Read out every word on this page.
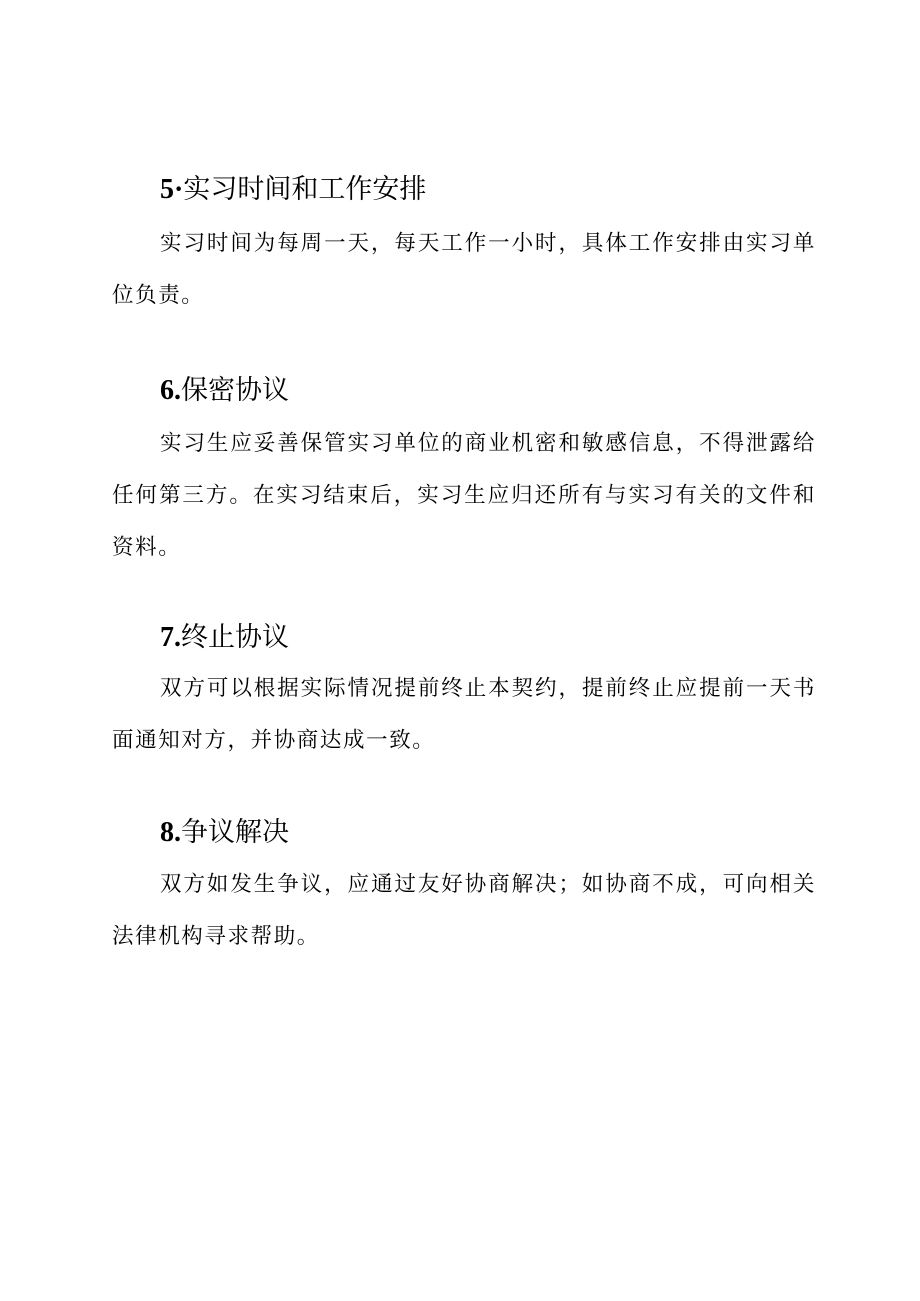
5·实习时间和工作安排

实习时间为每周一天，每天工作一小时，具体工作安排由实习单位负责。

6.保密协议

实习生应妥善保管实习单位的商业机密和敏感信息，不得泄露给任何第三方。在实习结束后，实习生应归还所有与实习有关的文件和资料。

7.终止协议

双方可以根据实际情况提前终止本契约，提前终止应提前一天书面通知对方，并协商达成一致。

8.争议解决

双方如发生争议，应通过友好协商解决；如协商不成，可向相关法律机构寻求帮助。
